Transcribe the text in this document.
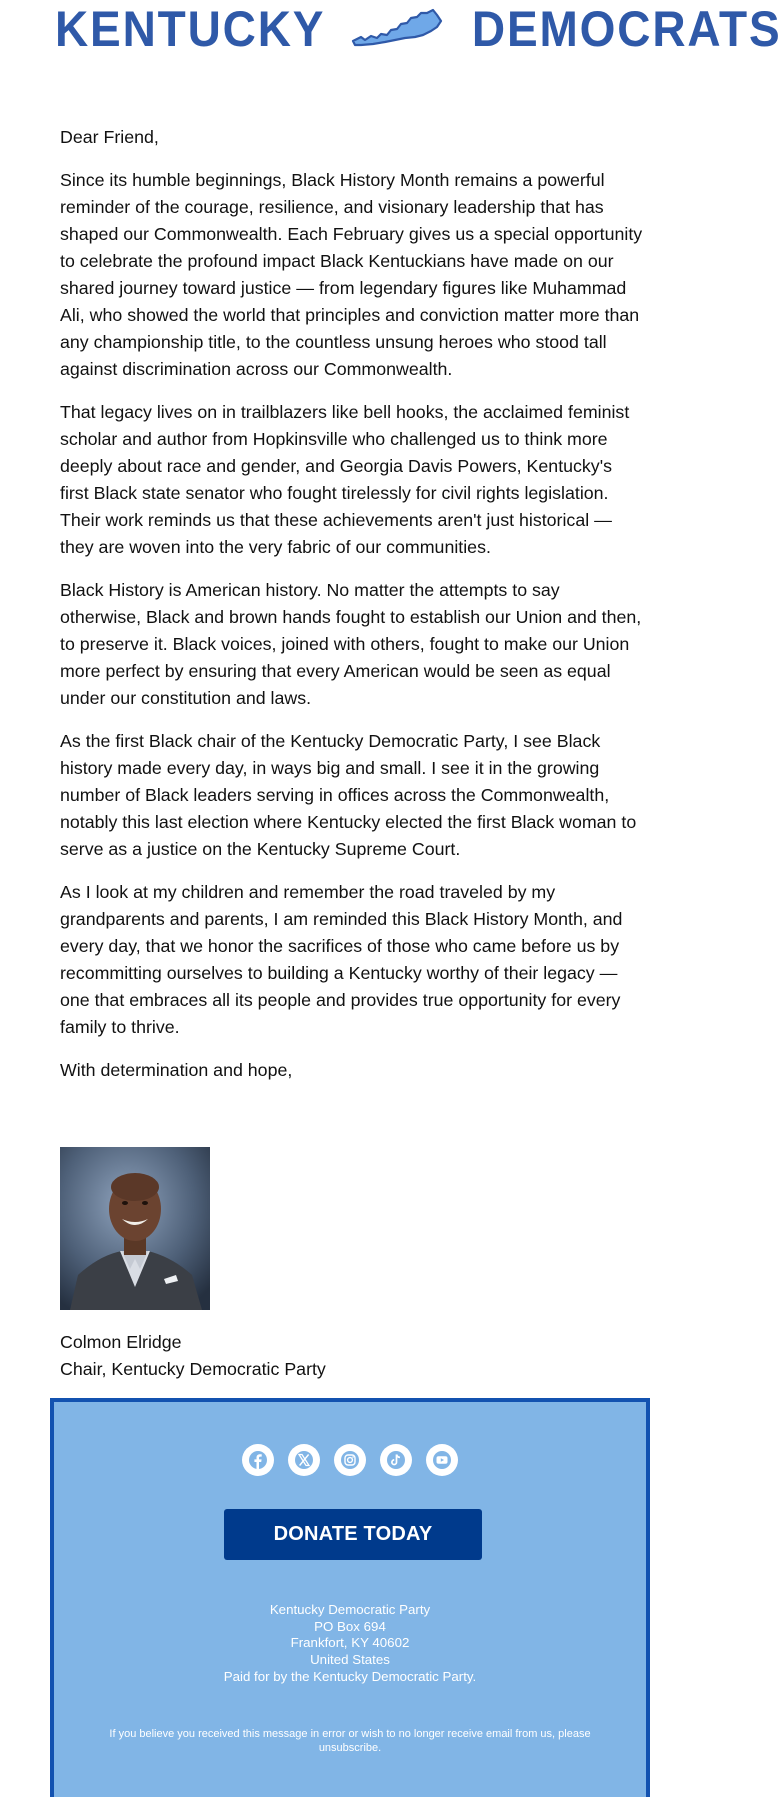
KENTUCKY	DEMOCRATS

Dear Friend,

Since its humble beginnings, Black History Month remains a powerful reminder of the courage, resilience, and visionary leadership that has shaped our Commonwealth. Each February gives us a special opportunity to celebrate the profound impact Black Kentuckians have made on our shared journey toward justice — from legendary figures like Muhammad Ali, who showed the world that principles and conviction matter more than any championship title, to the countless unsung heroes who stood tall against discrimination across our Commonwealth.

That legacy lives on in trailblazers like bell hooks, the acclaimed feminist scholar and author from Hopkinsville who challenged us to think more deeply about race and gender, and Georgia Davis Powers, Kentucky's first Black state senator who fought tirelessly for civil rights legislation. Their work reminds us that these achievements aren't just historical — they are woven into the very fabric of our communities.

Black History is American history. No matter the attempts to say otherwise, Black and brown hands fought to establish our Union and then, to preserve it. Black voices, joined with others, fought to make our Union more perfect by ensuring that every American would be seen as equal under our constitution and laws.

As the first Black chair of the Kentucky Democratic Party, I see Black history made every day, in ways big and small. I see it in the growing number of Black leaders serving in offices across the Commonwealth, notably this last election where Kentucky elected the first Black woman to serve as a justice on the Kentucky Supreme Court.

As I look at my children and remember the road traveled by my grandparents and parents, I am reminded this Black History Month, and every day, that we honor the sacrifices of those who came before us by recommitting ourselves to building a Kentucky worthy of their legacy — one that embraces all its people and provides true opportunity for every family to thrive.

With determination and hope,

Colmon Elridge
Chair, Kentucky Democratic Party
DONATE TODAY
Kentucky Democratic Party
PO Box 694
Frankfort, KY 40602
United States
Paid for by the Kentucky Democratic Party.
If you believe you received this message in error or wish to no longer receive email from us, please unsubscribe.
